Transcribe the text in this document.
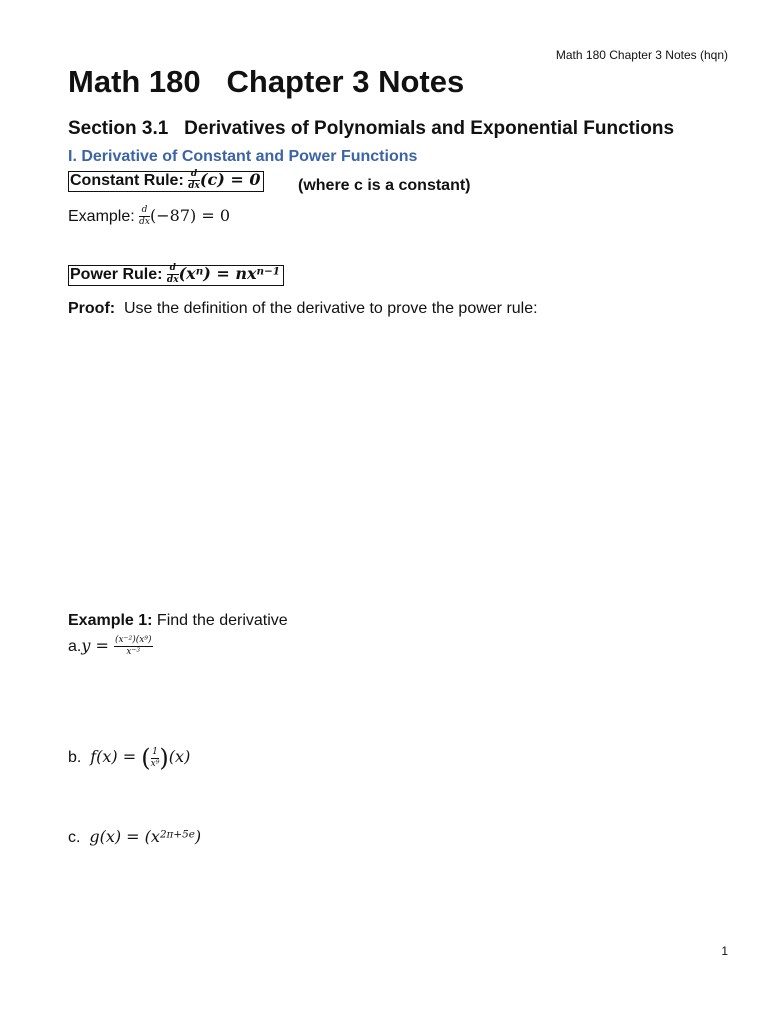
Math 180 Chapter 3 Notes (hqn)
Math 180   Chapter 3 Notes
Section 3.1   Derivatives of Polynomials and Exponential Functions
I. Derivative of Constant and Power Functions
Constant Rule: $\frac{d}{dx} (c) = 0$ (where c is a constant)
Example: $\frac{d}{dx} (-87) = 0$
Power Rule: $\frac{d}{dx} (x^n) = nx^{n-1}$
Proof:  Use the definition of the derivative to prove the power rule:
Example 1: Find the derivative
$a.y = \frac{(x^{-2})(x^9)}{x^{-3}}$
b.  f(x) = ( $\frac{1}{x^9} )(x)$
c.  $g(x) = (x^{2\pi+5e})$
1
